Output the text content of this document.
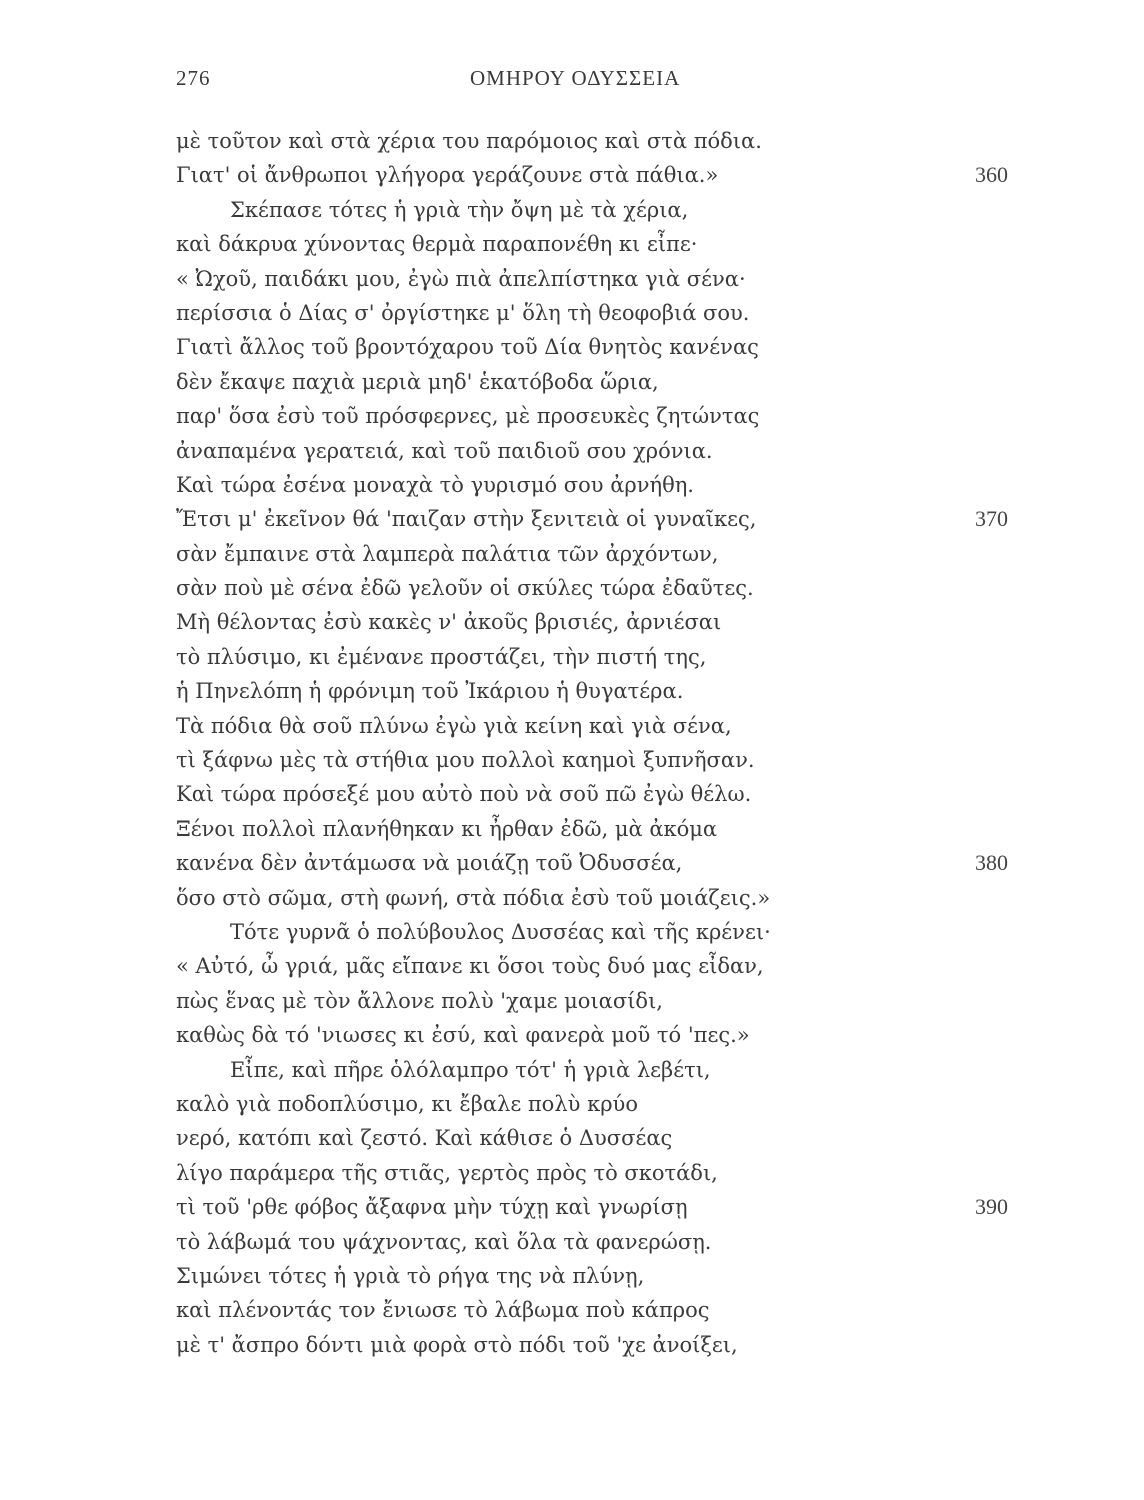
276	ΟΜΗΡΟΥ ΟΔΥΣΣΕΙΑ
μὲ τοῦτον καὶ στὰ χέρια του παρόμοιος καὶ στὰ πόδια.
Γιατ' οἱ ἄνθρωποι γλήγορα γεράζουνε στὰ πάθια.»	360
Σκέπασε τότες ἡ γριὰ τὴν ὄψη μὲ τὰ χέρια,
καὶ δάκρυα χύνοντας θερμὰ παραπονέθη κι εἶπε·
« Ὠχοῦ, παιδάκι μου, ἐγὼ πιὰ ἀπελπίστηκα γιὰ σένα·
περίσσια ὁ Δίας σ' ὀργίστηκε μ' ὅλη τὴ θεοφοβιά σου.
Γιατὶ ἄλλος τοῦ βροντόχαρου τοῦ Δία θνητὸς κανένας
δὲν ἔκαψε παχιὰ μεριὰ μηδ' ἑκατόβοδα ὥρια,
παρ' ὅσα ἐσὺ τοῦ πρόσφερνες, μὲ προσευκὲς ζητώντας
ἀναπαμένα γερατειά, καὶ τοῦ παιδιοῦ σου χρόνια.
Καὶ τώρα ἐσένα μοναχὰ τὸ γυρισμό σου ἀρνήθη.
Ἔτσι μ' ἐκεῖνον θά 'παιζαν στὴν ξενιτειὰ οἱ γυναῖκες,	370
σὰν ἔμπαινε στὰ λαμπερὰ παλάτια τῶν ἀρχόντων,
σὰν ποὺ μὲ σένα ἐδῶ γελοῦν οἱ σκύλες τώρα ἐδαῦτες.
Μὴ θέλοντας ἐσὺ κακὲς ν' ἀκοῦς βρισιές, ἀρνιέσαι
τὸ πλύσιμο, κι ἐμένανε προστάζει, τὴν πιστή της,
ἡ Πηνελόπη ἡ φρόνιμη τοῦ Ἰκάριου ἡ θυγατέρα.
Τὰ πόδια θὰ σοῦ πλύνω ἐγὼ γιὰ κείνη καὶ γιὰ σένα,
τὶ ξάφνω μὲς τὰ στήθια μου πολλοὶ καημοὶ ξυπνῆσαν.
Καὶ τώρα πρόσεξέ μου αὐτὸ ποὺ νὰ σοῦ πῶ ἐγὼ θέλω.
Ξένοι πολλοὶ πλανήθηκαν κι ἦρθαν ἐδῶ, μὰ ἀκόμα
κανένα δὲν ἀντάμωσα νὰ μοιάζῃ τοῦ Ὀδυσσέα,	380
ὅσο στὸ σῶμα, στὴ φωνή, στὰ πόδια ἐσὺ τοῦ μοιάζεις.»
Τότε γυρνᾶ ὁ πολύβουλος Δυσσέας καὶ τῆς κρένει·
« Αὐτό, ὦ γριά, μᾶς εἴπανε κι ὅσοι τοὺς δυό μας εἶδαν,
πὼς ἕνας μὲ τὸν ἄλλονε πολὺ 'χαμε μοιασίδι,
καθὼς δὰ τό 'νιωσες κι ἐσύ, καὶ φανερὰ μοῦ τό 'πες.»
Εἶπε, καὶ πῆρε ὁλόλαμπρο τότ' ἡ γριὰ λεβέτι,
καλὸ γιὰ ποδοπλύσιμο, κι ἔβαλε πολὺ κρύο
νερό, κατόπι καὶ ζεστό. Καὶ κάθισε ὁ Δυσσέας
λίγο παράμερα τῆς στιᾶς, γερτὸς πρὸς τὸ σκοτάδι,
τὶ τοῦ 'ρθε φόβος ἄξαφνα μὴν τύχῃ καὶ γνωρίσῃ	390
τὸ λάβωμά του ψάχνοντας, καὶ ὅλα τὰ φανερώσῃ.
Σιμώνει τότες ἡ γριὰ τὸ ρήγα της νὰ πλύνῃ,
καὶ πλένοντάς τον ἔνιωσε τὸ λάβωμα ποὺ κάπρος
μὲ τ' ἄσπρο δόντι μιὰ φορὰ στὸ πόδι τοῦ 'χε ἀνοίξει,
